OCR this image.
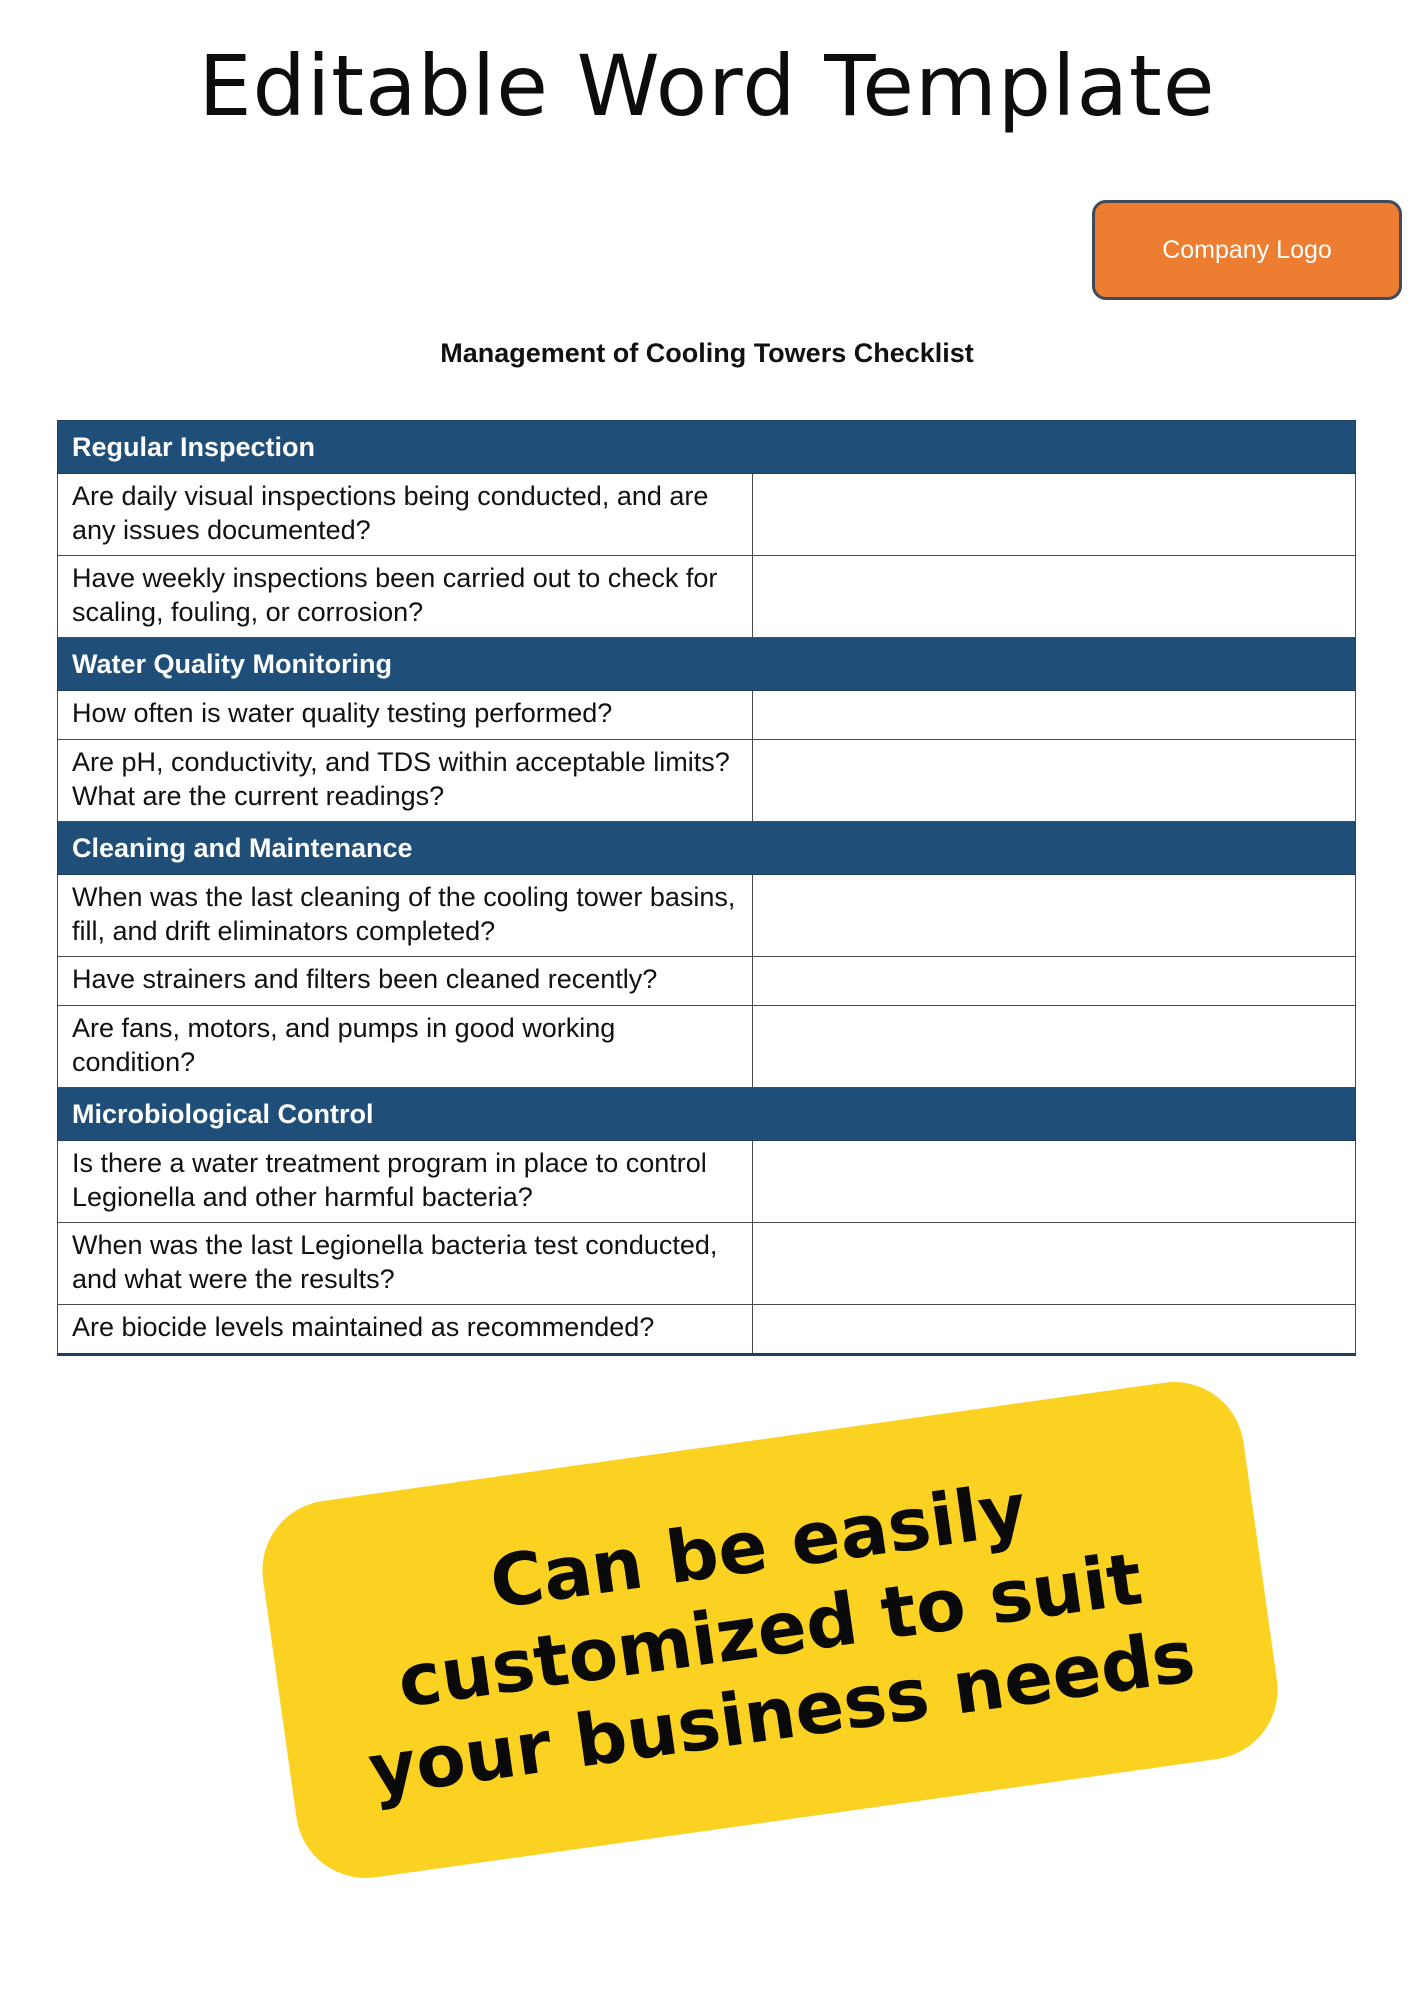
Editable Word Template
Company Logo
Management of Cooling Towers Checklist
Regular Inspection	
Are daily visual inspections being conducted, and are any issues documented?	
Have weekly inspections been carried out to check for scaling, fouling, or corrosion?	
Water Quality Monitoring	
How often is water quality testing performed?	
Are pH, conductivity, and TDS within acceptable limits? What are the current readings?	
Cleaning and Maintenance	
When was the last cleaning of the cooling tower basins, fill, and drift eliminators completed?	
Have strainers and filters been cleaned recently?	
Are fans, motors, and pumps in good working condition?	
Microbiological Control	
Is there a water treatment program in place to control Legionella and other harmful bacteria?	
When was the last Legionella bacteria test conducted, and what were the results?	
Are biocide levels maintained as recommended?	
Can be easily customized to suit your business needs
